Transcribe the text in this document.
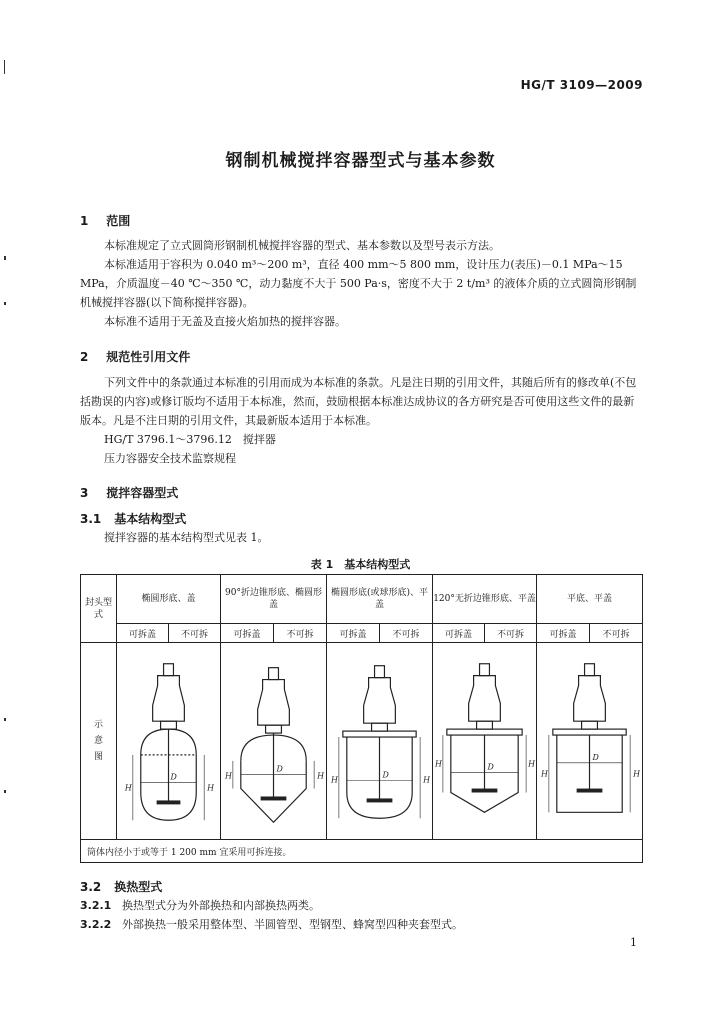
HG/T 3109—2009
钢制机械搅拌容器型式与基本参数
1 范围

本标准规定了立式圆筒形钢制机械搅拌容器的型式、基本参数以及型号表示方法。

本标准适用于容积为 0.040 m³～200 m³，直径 400 mm～5 800 mm，设计压力(表压)－0.1 MPa～15 MPa，介质温度－40 ℃～350 ℃，动力黏度不大于 500 Pa·s，密度不大于 2 t/m³ 的液体介质的立式圆筒形钢制机械搅拌容器(以下简称搅拌容器)。

本标准不适用于无盖及直接火焰加热的搅拌容器。

2 规范性引用文件

下列文件中的条款通过本标准的引用而成为本标准的条款。凡是注日期的引用文件，其随后所有的修改单(不包括勘误的内容)或修订版均不适用于本标准，然而，鼓励根据本标准达成协议的各方研究是否可使用这些文件的最新版本。凡是不注日期的引用文件，其最新版本适用于本标准。

HG/T 3796.1～3796.12　搅拌器

压力容器安全技术监察规程

3 搅拌容器型式
3.1 基本结构型式
搅拌容器的基本结构型式见表 1。
表 1　基本结构型式
封头型式	椭圆形底、盖		90°折边锥形底、椭圆形盖		椭圆形底(或球形底)、平盖		120°无折边锥形底、平盖		平底、平盖	
	可拆盖	不可拆	可拆盖	不可拆	可拆盖	不可拆	可拆盖	不可拆	可拆盖	不可拆

示意图	D
H H		D
H H		D
H H		D
H H		D
H H	

筒体内径小于或等于 1 200 mm 宜采用可拆连接。										
3.2 换热型式
3.2.1 换热型式分为外部换热和内部换热两类。
3.2.2 外部换热一般采用整体型、半圆管型、型钢型、蜂窝型四种夹套型式。
1
